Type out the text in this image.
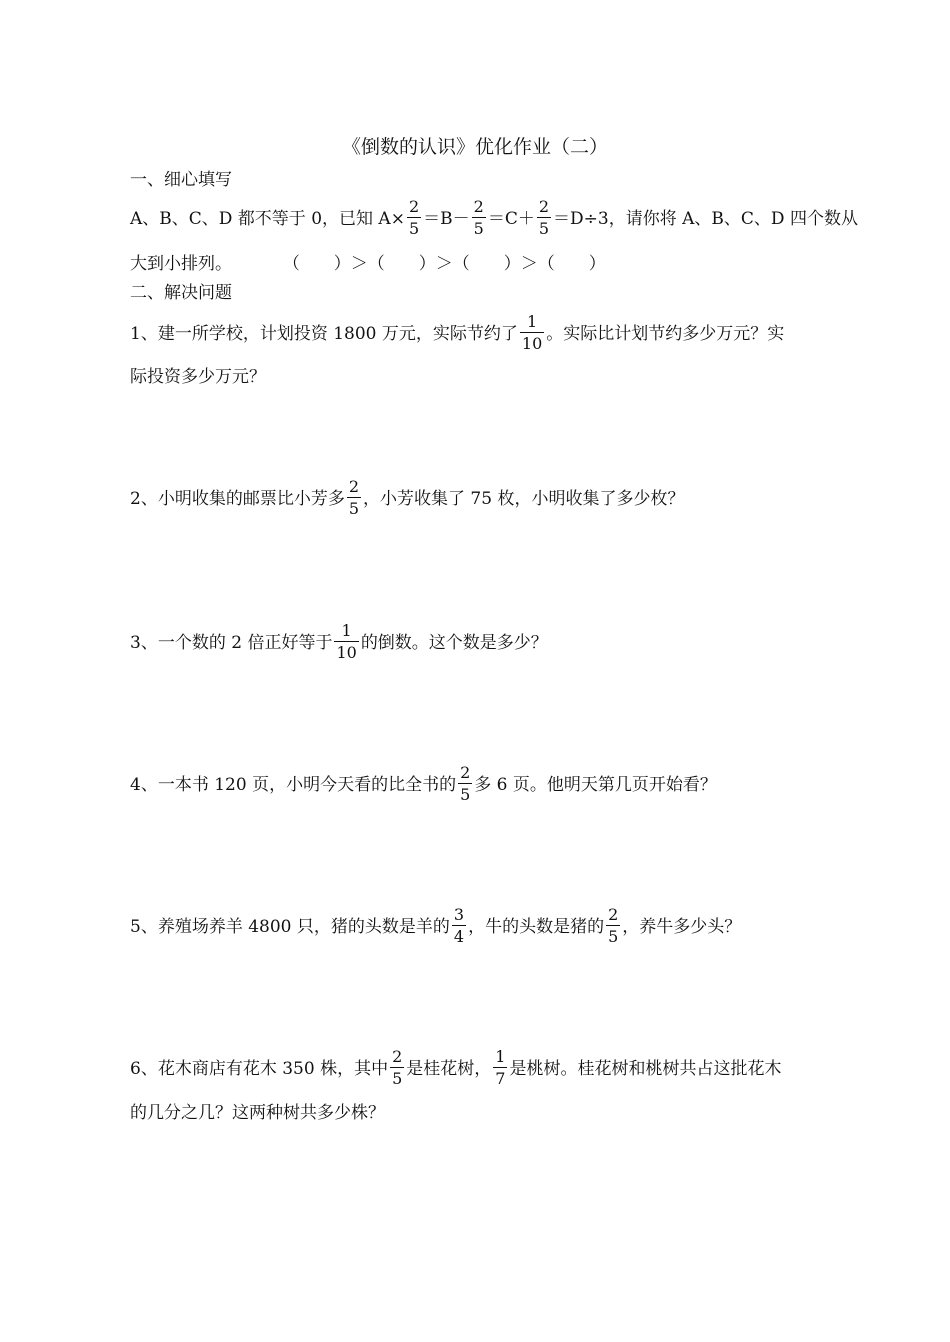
《倒数的认识》优化作业（二）
一、细心填写
A、B、C、D 都不等于 0，已知 $A\times \frac{2}{5} =B- \frac{2}{5} =C+ \frac{2}{5} =D\div 3$，请你将 A、B、C、D 四个数从
大到小排列。	（　　）＞（　　）＞（　　）＞（　　）
二、解决问题
1、建一所学校，计划投资 1800 万元，实际节约了 $\frac{1}{10}$ 。实际比计划节约多少万元？实
际投资多少万元？
2、小明收集的邮票比小芳多 $\frac{2}{5}$ ，小芳收集了 75 枚，小明收集了多少枚？
3、一个数的 2 倍正好等于 $\frac{1}{10}$ 的倒数。这个数是多少？
4、一本书 120 页，小明今天看的比全书的 $\frac{2}{5}$ 多 6 页。他明天第几页开始看？
5、养殖场养羊 4800 只，猪的头数是羊的 $\frac{3}{4}$ ，牛的头数是猪的 $\frac{2}{5}$ ，养牛多少头？
6、花木商店有花木 350 株，其中 $\frac{2}{5}$ 是桂花树， $\frac{1}{7}$ 是桃树。桂花树和桃树共占这批花木
的几分之几？这两种树共多少株？
